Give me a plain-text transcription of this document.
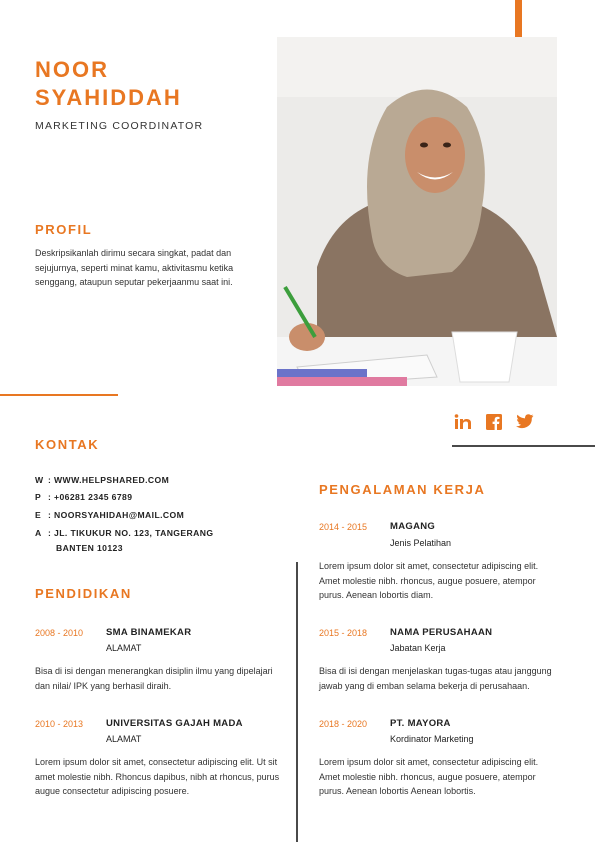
NOOR
SYAHIDDAH
MARKETING COORDINATOR
PROFIL
Deskripsikanlah dirimu secara singkat, padat dan sejujurnya, seperti minat kamu, aktivitasmu ketika senggang, ataupun seputar pekerjaanmu saat ini.
KONTAK
W : WWW.HELPSHARED.COM
P : +06281 2345 6789
E : NOORSYAHIDAH@MAIL.COM
A : JL. TIKUKUR NO. 123, TANGERANG
BANTEN 10123
PENDIDIKAN
2008 - 2010 SMA BINAMEKAR
ALAMAT
Bisa di isi dengan menerangkan disiplin ilmu yang dipelajari dan nilai/ IPK yang berhasil diraih.
2010 - 2013 UNIVERSITAS GAJAH MADA
ALAMAT
Lorem ipsum dolor sit amet, consectetur adipiscing elit. Ut sit amet molestie nibh. Rhoncus dapibus, nibh at rhoncus, purus augue consectetur adipiscing posuere.
PENGALAMAN KERJA
2014 - 2015 MAGANG
Jenis Pelatihan
Lorem ipsum dolor sit amet, consectetur adipiscing elit. Amet molestie nibh. rhoncus, augue posuere, atempor purus. Aenean lobortis diam.
2015 - 2018 NAMA PERUSAHAAN
Jabatan Kerja
Bisa di isi dengan menjelaskan tugas-tugas atau janggung jawab yang di emban selama bekerja di perusahaan.
2018 - 2020 PT. MAYORA
Kordinator Marketing
Lorem ipsum dolor sit amet, consectetur adipiscing elit. Amet molestie nibh. rhoncus, augue posuere, atempor purus. Aenean lobortis Aenean lobortis.
